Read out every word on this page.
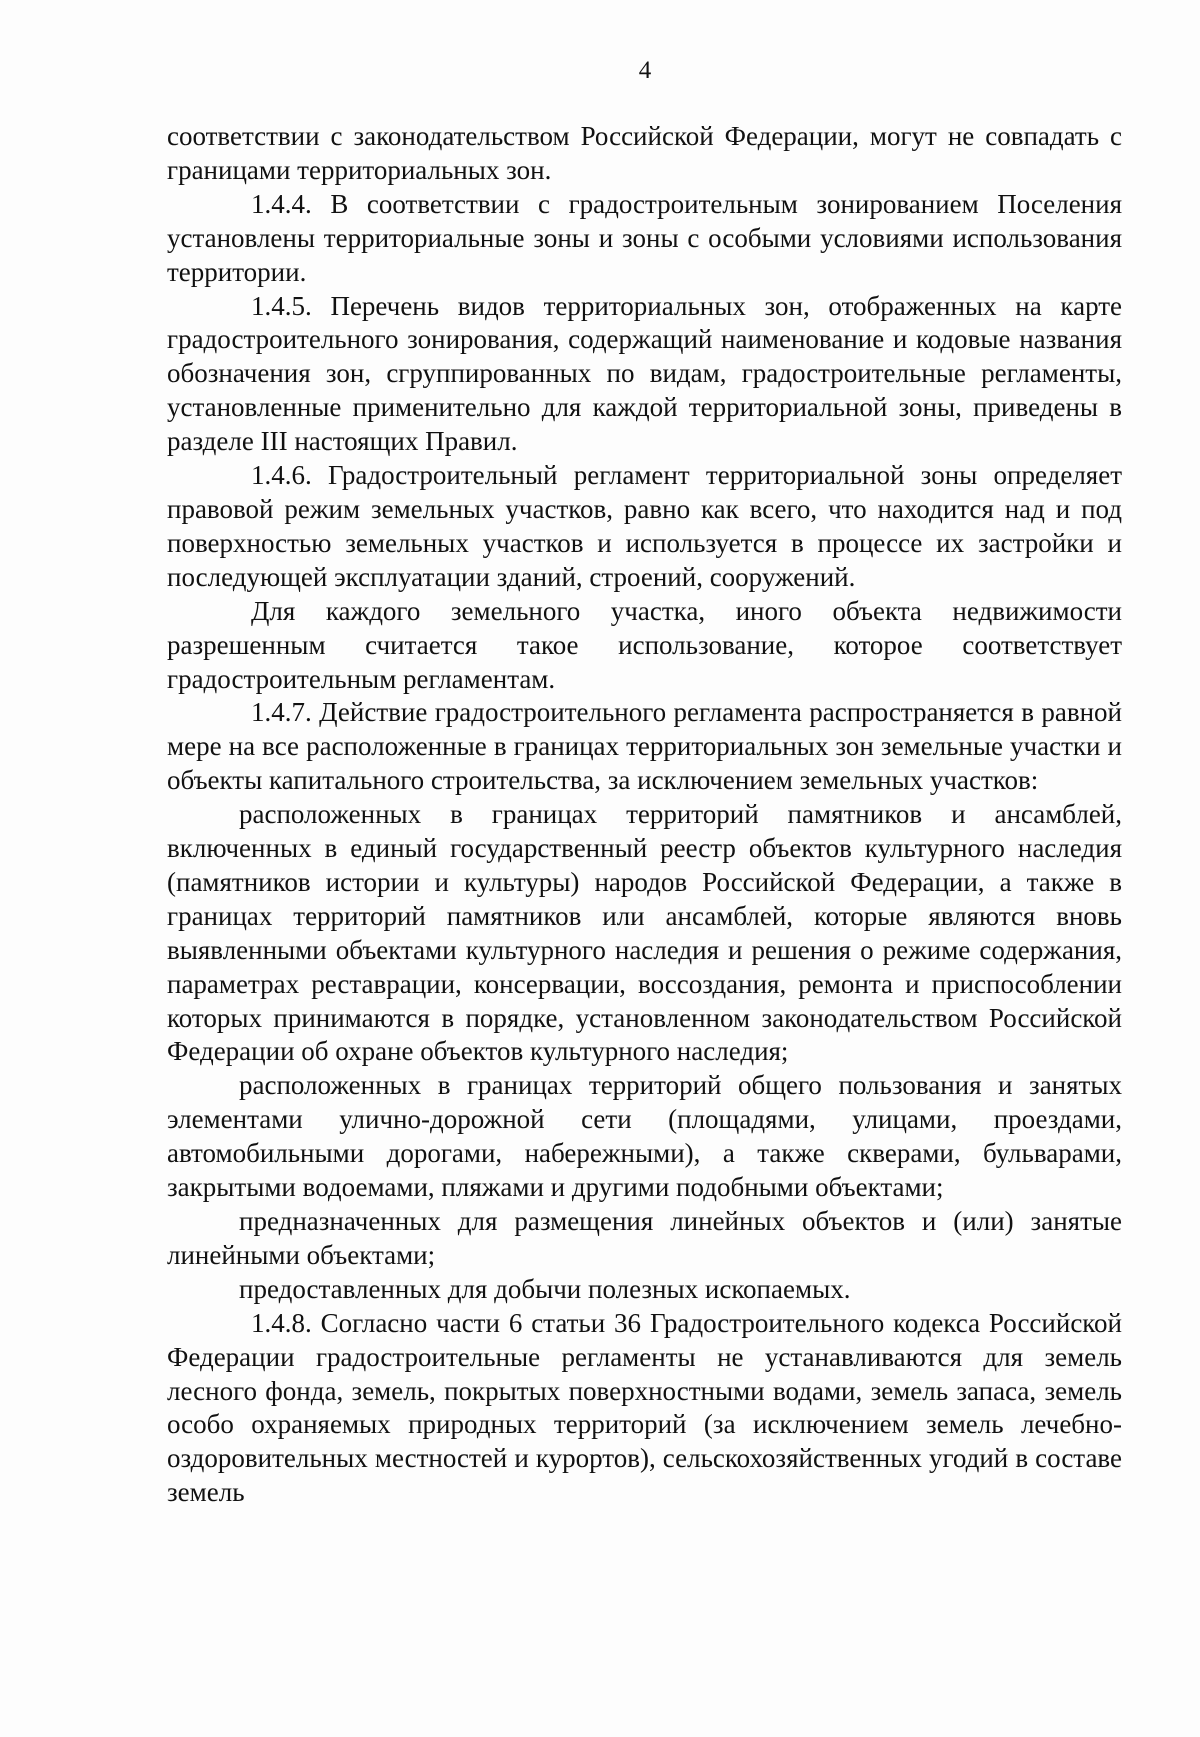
4

соответствии с законодательством Российской Федерации, могут не совпадать с границами территориальных зон.

1.4.4. В соответствии с градостроительным зонированием Поселения установлены территориальные зоны и зоны с особыми условиями использования территории.

1.4.5. Перечень видов территориальных зон, отображенных на карте градостроительного зонирования, содержащий наименование и кодовые названия обозначения зон, сгруппированных по видам, градостроительные регламенты, установленные применительно для каждой территориальной зоны, приведены в разделе III настоящих Правил.

1.4.6. Градостроительный регламент территориальной зоны определяет правовой режим земельных участков, равно как всего, что находится над и под поверхностью земельных участков и используется в процессе их застройки и последующей эксплуатации зданий, строений, сооружений.

Для каждого земельного участка, иного объекта недвижимости разрешенным считается такое использование, которое соответствует градостроительным регламентам.

1.4.7. Действие градостроительного регламента распространяется в равной мере на все расположенные в границах территориальных зон земельные участки и объекты капитального строительства, за исключением земельных участков:

расположенных в границах территорий памятников и ансамблей, включенных в единый государственный реестр объектов культурного наследия (памятников истории и культуры) народов Российской Федерации, а также в границах территорий памятников или ансамблей, которые являются вновь выявленными объектами культурного наследия и решения о режиме содержания, параметрах реставрации, консервации, воссоздания, ремонта и приспособлении которых принимаются в порядке, установленном законодательством Российской Федерации об охране объектов культурного наследия;

расположенных в границах территорий общего пользования и занятых элементами улично-дорожной сети (площадями, улицами, проездами, автомобильными дорогами, набережными), а также скверами, бульварами, закрытыми водоемами, пляжами и другими подобными объектами;

предназначенных для размещения линейных объектов и (или) занятые линейными объектами;

предоставленных для добычи полезных ископаемых.

1.4.8. Согласно части 6 статьи 36 Градостроительного кодекса Российской Федерации градостроительные регламенты не устанавливаются для земель лесного фонда, земель, покрытых поверхностными водами, земель запаса, земель особо охраняемых природных территорий (за исключением земель лечебно-оздоровительных местностей и курортов), сельскохозяйственных угодий в составе земель
